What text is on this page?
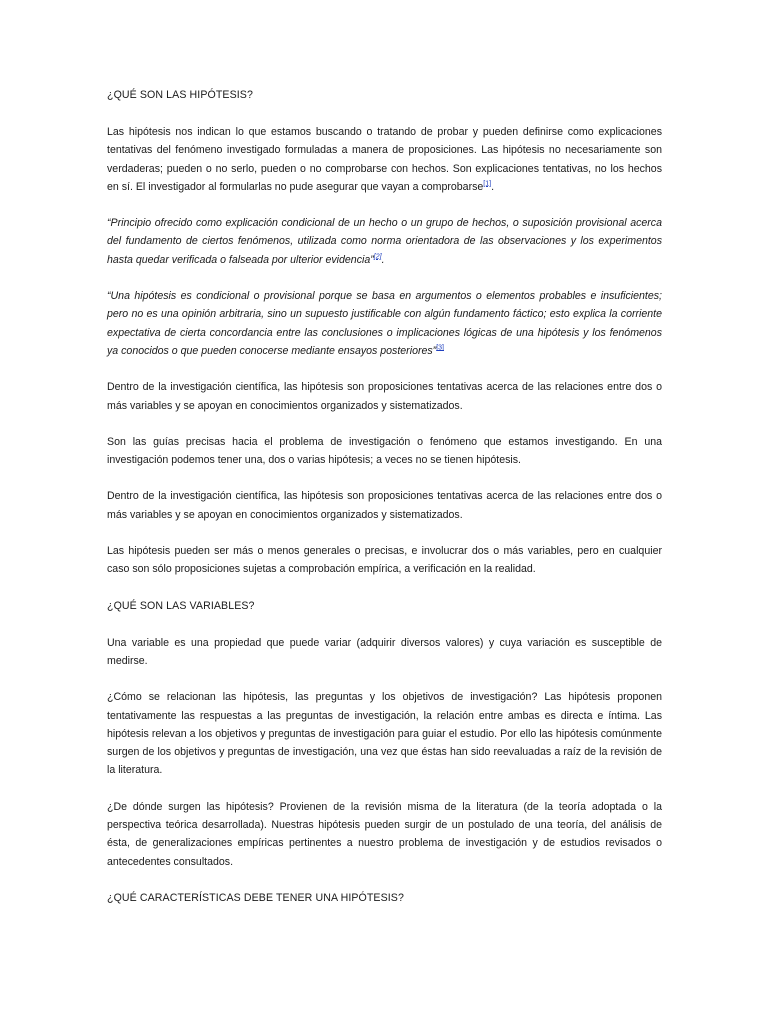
¿QUÉ SON LAS HIPÓTESIS?

Las hipótesis nos indican lo que estamos buscando o tratando de probar y pueden definirse como explicaciones tentativas del fenómeno investigado formuladas a manera de proposiciones. Las hipótesis no necesariamente son verdaderas; pueden o no serlo, pueden o no comprobarse con hechos. Son explicaciones tentativas, no los hechos en sí. El investigador al formularlas no pude asegurar que vayan a comprobarse[1].

“Principio ofrecido como explicación condicional de un hecho o un grupo de hechos, o suposición provisional acerca del fundamento de ciertos fenómenos, utilizada como norma orientadora de las observaciones y los experimentos hasta quedar verificada o falseada por ulterior evidencia”[2].

“Una hipótesis es condicional o provisional porque se basa en argumentos o elementos probables e insuficientes; pero no es una opinión arbitraria, sino un supuesto justificable con algún fundamento fáctico; esto explica la corriente expectativa de cierta concordancia entre las conclusiones o implicaciones lógicas de una hipótesis y los fenómenos ya conocidos o que pueden conocerse mediante ensayos posteriores”[3]

Dentro de la investigación científica, las hipótesis son proposiciones tentativas acerca de las relaciones entre dos o más variables y se apoyan en conocimientos organizados y sistematizados.

Son las guías precisas hacia el problema de investigación o fenómeno que estamos investigando. En una investigación podemos tener una, dos o varias hipótesis; a veces no se tienen hipótesis.

Dentro de la investigación científica, las hipótesis son proposiciones tentativas acerca de las relaciones entre dos o más variables y se apoyan en conocimientos organizados y sistematizados.

Las hipótesis pueden ser más o menos generales o precisas, e involucrar dos o más variables, pero en cualquier caso son sólo proposiciones sujetas a comprobación empírica, a verificación en la realidad.

¿QUÉ SON LAS VARIABLES?

Una variable es una propiedad que puede variar (adquirir diversos valores) y cuya variación es susceptible de medirse.

¿Cómo se relacionan las hipótesis, las preguntas y los objetivos de investigación? Las hipótesis proponen tentativamente las respuestas a las preguntas de investigación, la relación entre ambas es directa e íntima. Las hipótesis relevan a los objetivos y preguntas de investigación para guiar el estudio. Por ello las hipótesis comúnmente surgen de los objetivos y preguntas de investigación, una vez que éstas han sido reevaluadas a raíz de la revisión de la literatura.

¿De dónde surgen las hipótesis? Provienen de la revisión misma de la literatura (de la teoría adoptada o la perspectiva teórica desarrollada). Nuestras hipótesis pueden surgir de un postulado de una teoría, del análisis de ésta, de generalizaciones empíricas pertinentes a nuestro problema de investigación y de estudios revisados o antecedentes consultados.

¿QUÉ CARACTERÍSTICAS DEBE TENER UNA HIPÓTESIS?
